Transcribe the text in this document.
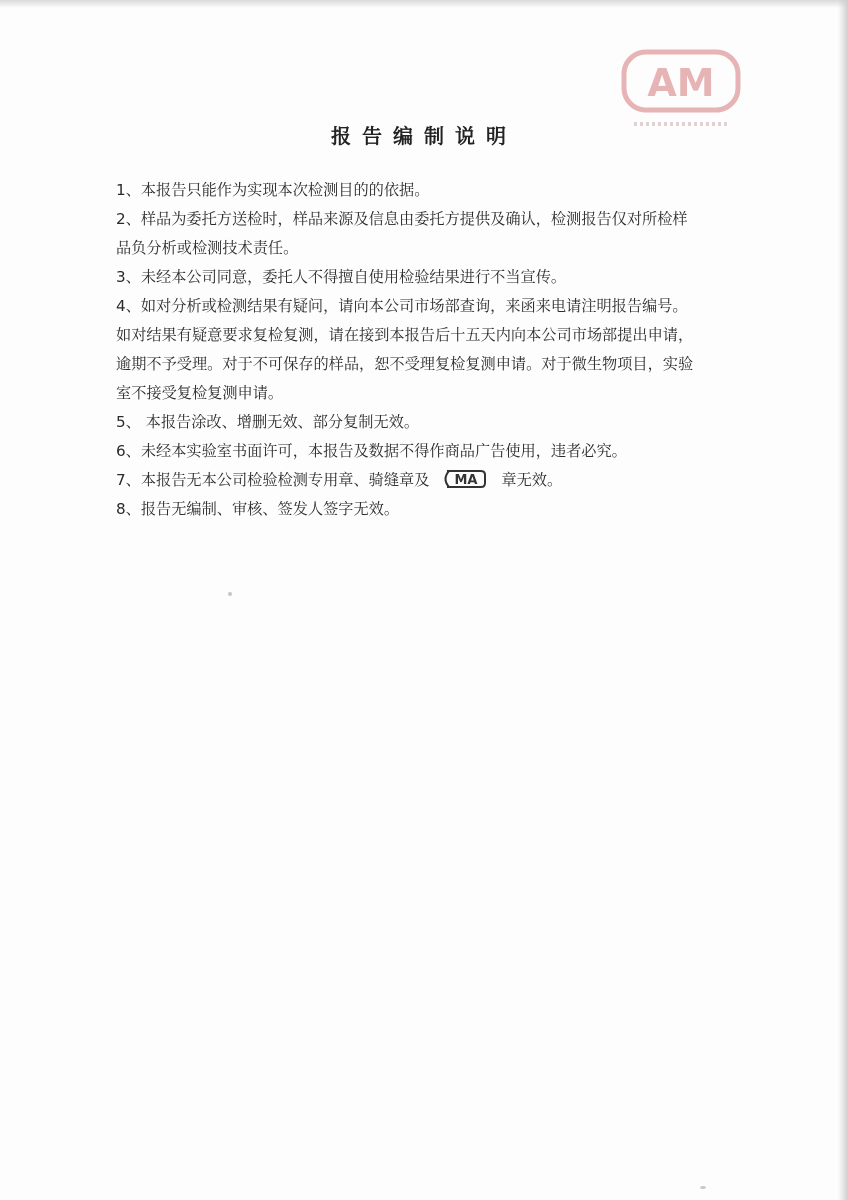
AM
报告编制说明
1、本报告只能作为实现本次检测目的的依据。
2、样品为委托方送检时，样品来源及信息由委托方提供及确认，检测报告仅对所检样
品负分析或检测技术责任。
3、未经本公司同意，委托人不得擅自使用检验结果进行不当宣传。
4、如对分析或检测结果有疑问，请向本公司市场部查询，来函来电请注明报告编号。
如对结果有疑意要求复检复测，请在接到本报告后十五天内向本公司市场部提出申请，
逾期不予受理。对于不可保存的样品，恕不受理复检复测申请。对于微生物项目，实验
室不接受复检复测申请。
5、 本报告涂改、增删无效、部分复制无效。
6、未经本实验室书面许可，本报告及数据不得作商品广告使用，违者必究。
7、本报告无本公司检验检测专用章、骑缝章及 MA 章无效。
8、报告无编制、审核、签发人签字无效。
